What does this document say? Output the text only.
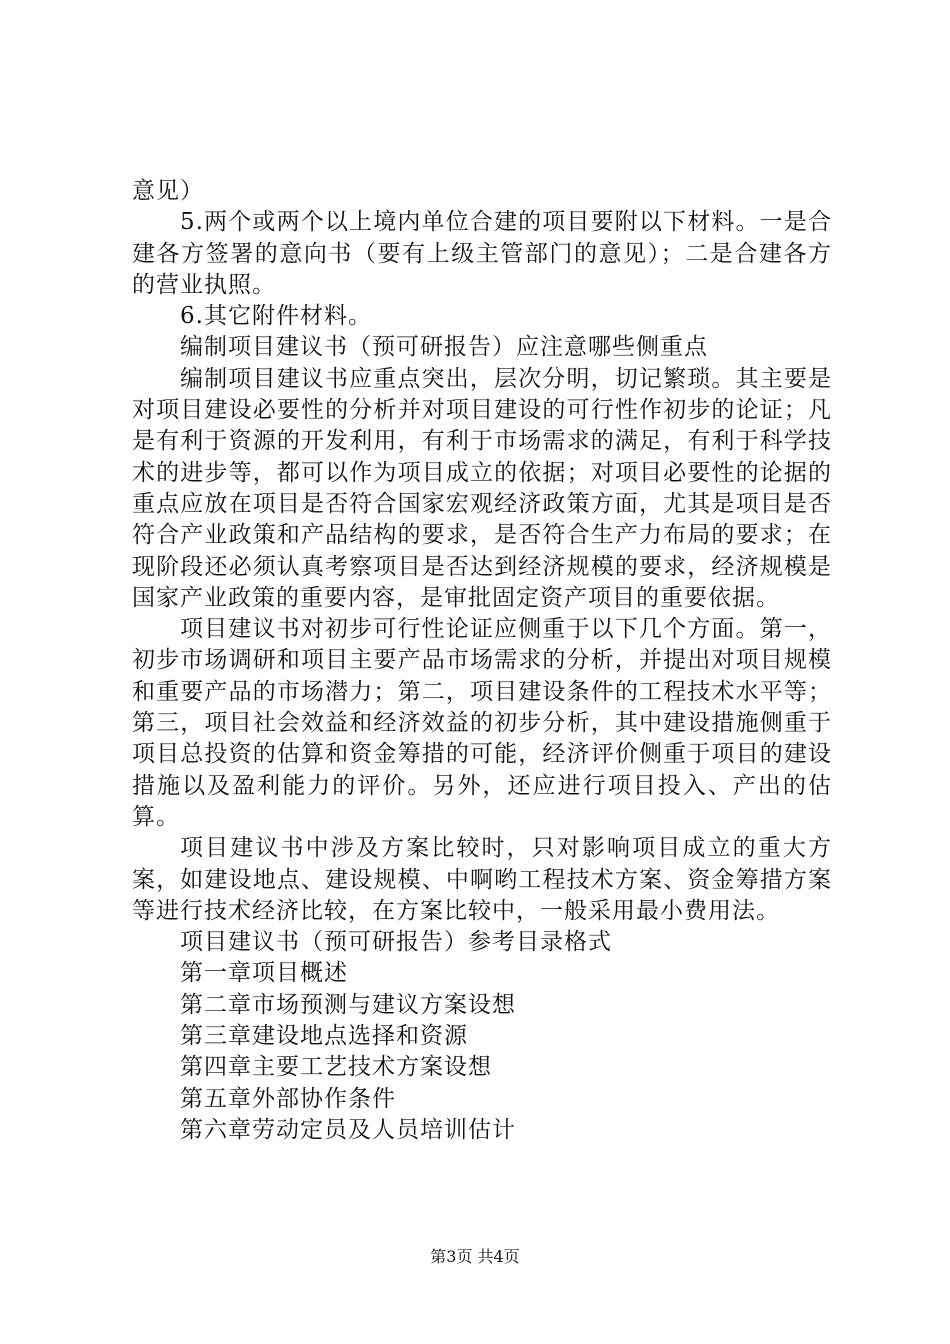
意见）

5.两个或两个以上境内单位合建的项目要附以下材料。一是合建各方签署的意向书（要有上级主管部门的意见）；二是合建各方的营业执照。

6.其它附件材料。

编制项目建议书（预可研报告）应注意哪些侧重点

编制项目建议书应重点突出，层次分明，切记繁琐。其主要是对项目建设必要性的分析并对项目建设的可行性作初步的论证；凡是有利于资源的开发利用，有利于市场需求的满足，有利于科学技术的进步等，都可以作为项目成立的依据；对项目必要性的论据的重点应放在项目是否符合国家宏观经济政策方面，尤其是项目是否符合产业政策和产品结构的要求，是否符合生产力布局的要求；在现阶段还必须认真考察项目是否达到经济规模的要求，经济规模是国家产业政策的重要内容，是审批固定资产项目的重要依据。

项目建议书对初步可行性论证应侧重于以下几个方面。第一，初步市场调研和项目主要产品市场需求的分析，并提出对项目规模和重要产品的市场潜力；第二，项目建设条件的工程技术水平等；第三，项目社会效益和经济效益的初步分析，其中建设措施侧重于项目总投资的估算和资金筹措的可能，经济评价侧重于项目的建设措施以及盈利能力的评价。另外，还应进行项目投入、产出的估算。

项目建议书中涉及方案比较时，只对影响项目成立的重大方案，如建设地点、建设规模、中啊哟工程技术方案、资金筹措方案等进行技术经济比较，在方案比较中，一般采用最小费用法。

项目建议书（预可研报告）参考目录格式

第一章项目概述

第二章市场预测与建议方案设想

第三章建设地点选择和资源

第四章主要工艺技术方案设想

第五章外部协作条件

第六章劳动定员及人员培训估计

第3页 共4页
